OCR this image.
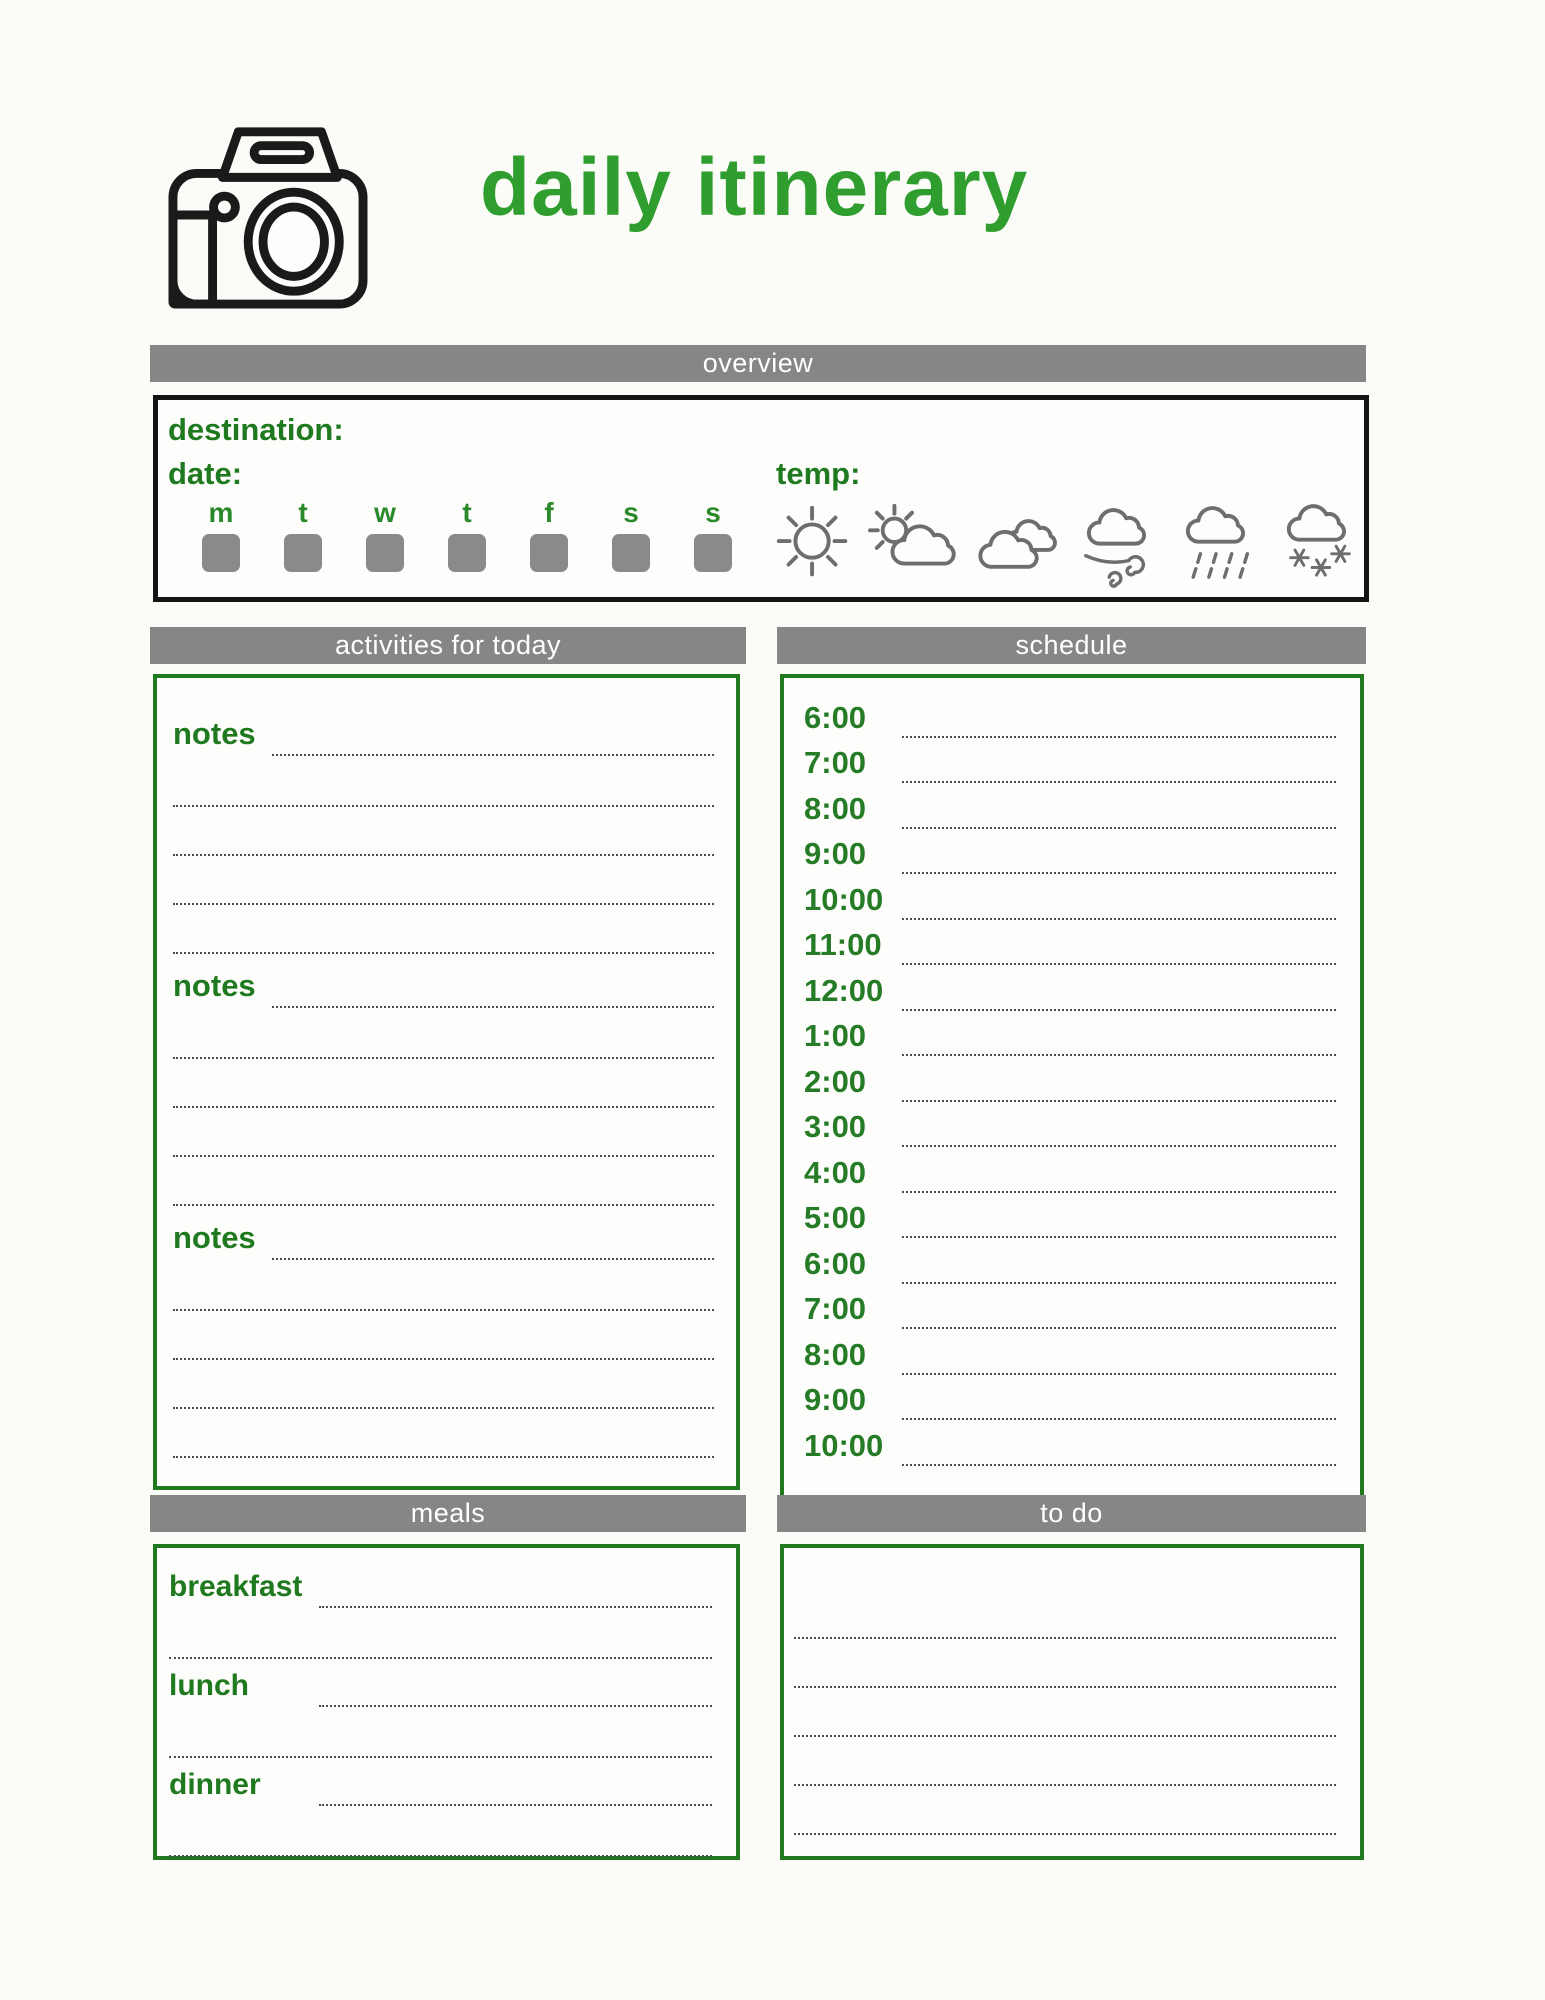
daily itinerary
overview
destination:
date:	temp:
m t w t	f s s
activities for today
notes
notes
notes
schedule
6:00
7:00
8:00
9:00
10:00
11:00
12:00
1:00
2:00
3:00
4:00
5:00
6:00
7:00
8:00
9:00
10:00
meals
breakfast
lunch
dinner
to do
